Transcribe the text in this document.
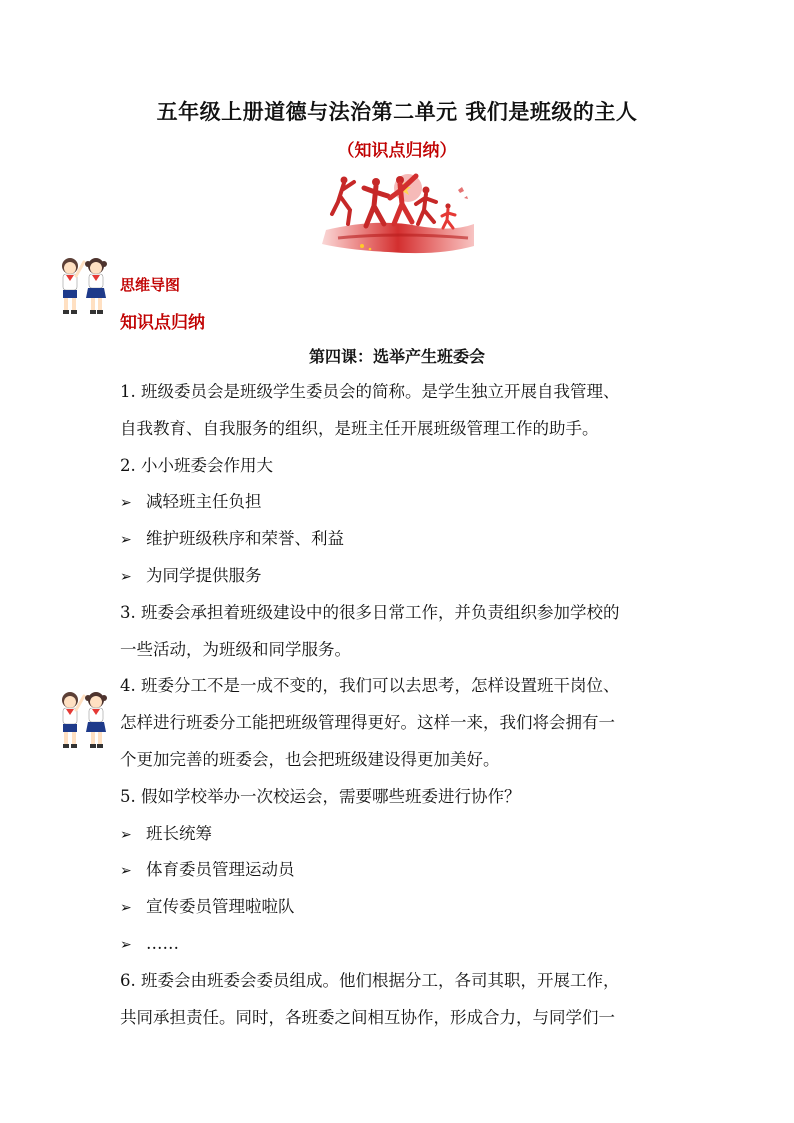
五年级上册道德与法治第二单元 我们是班级的主人
（知识点归纳）
思维导图
知识点归纳
第四课：选举产生班委会
1. 班级委员会是班级学生委员会的简称。是学生独立开展自我管理、
自我教育、自我服务的组织，是班主任开展班级管理工作的助手。
2. 小小班委会作用大
➢ 减轻班主任负担
➢ 维护班级秩序和荣誉、利益
➢ 为同学提供服务
3. 班委会承担着班级建设中的很多日常工作，并负责组织参加学校的
一些活动，为班级和同学服务。
4. 班委分工不是一成不变的，我们可以去思考，怎样设置班干岗位、
怎样进行班委分工能把班级管理得更好。这样一来，我们将会拥有一
个更加完善的班委会，也会把班级建设得更加美好。
5. 假如学校举办一次校运会，需要哪些班委进行协作？
➢ 班长统筹
➢ 体育委员管理运动员
➢ 宣传委员管理啦啦队
➢ ……
6. 班委会由班委会委员组成。他们根据分工，各司其职，开展工作，
共同承担责任。同时，各班委之间相互协作，形成合力，与同学们一
